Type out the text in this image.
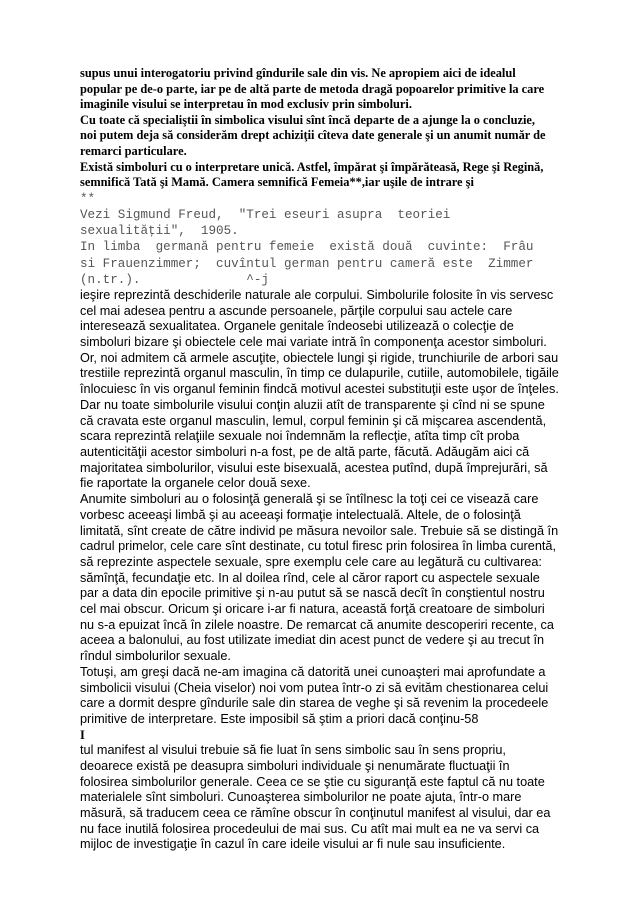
supus unui interogatoriu privind gîndurile sale din vis. Ne apropiem aici de idealul
popular pe de-o parte, iar pe de altă parte de metoda dragă popoarelor primitive la care
imaginile visului se interpretau în mod exclusiv prin simboluri.
Cu toate că specialiştii în simbolica visului sînt încă departe de a ajunge la o concluzie,
noi putem deja să considerăm drept achiziţii cîteva date generale şi un anumit număr de
remarci particulare.
Există simboluri cu o interpretare unică. Astfel, împărat şi împărăteasă, Rege şi Regină,
semnifică Tată şi Mamă. Camera semnifică Femeia**,iar uşile de intrare şi
**
Vezi Sigmund Freud,  "Trei eseuri asupra  teoriei
sexualităţii",  1905.
In limba  germană pentru femeie  există două  cuvinte:  Frâu
si Frauenzimmer;  cuvîntul german pentru cameră este  Zimmer
(n.tr.).              ^-j
ieşire reprezintă deschiderile naturale ale corpului. Simbolurile folosite în vis servesc
cel mai adesea pentru a ascunde persoanele, părţile corpului sau actele care
interesează sexualitatea. Organele genitale îndeosebi utilizează o colecţie de
simboluri bizare şi obiectele cele mai variate intră în componenţa acestor simboluri.
Or, noi admitem că armele ascuţite, obiectele lungi şi rigide, trunchiurile de arbori sau
trestiile reprezintă organul masculin, în timp ce dulapurile, cutiile, automobilele, tigăile
înlocuiesc în vis organul feminin findcă motivul acestei substituţii este uşor de înţeles.
Dar nu toate simbolurile visului conţin aluzii atît de transparente şi cînd ni se spune
că cravata este organul masculin, lemul, corpul feminin şi că mişcarea ascendentă,
scara reprezintă relaţiile sexuale noi îndemnăm la reflecţie, atîta timp cît proba
autenticităţii acestor simboluri n-a fost, pe de altă parte, făcută. Adăugăm aici că
majoritatea simbolurilor, visului este bisexuală, acestea putînd, după împrejurări, să
fie raportate la organele celor două sexe.
Anumite simboluri au o folosinţă generală şi se întîlnesc la toţi cei ce visează care
vorbesc aceeaşi limbă şi au aceeaşi formaţie intelectuală. Altele, de o folosinţă
limitată, sînt create de către individ pe măsura nevoilor sale. Trebuie să se distingă în
cadrul primelor, cele care sînt destinate, cu totul firesc prin folosirea în limba curentă,
să reprezinte aspectele sexuale, spre exemplu cele care au legătură cu cultivarea:
sămînţă, fecundaţie etc. In al doilea rînd, cele al căror raport cu aspectele sexuale
par a data din epocile primitive şi n-au putut să se nască decît în conştientul nostru
cel mai obscur. Oricum şi oricare i-ar fi natura, această forţă creatoare de simboluri
nu s-a epuizat încă în zilele noastre. De remarcat că anumite descoperiri recente, ca
aceea a balonului, au fost utilizate imediat din acest punct de vedere şi au trecut în
rîndul simbolurilor sexuale.
Totuşi, am greşi dacă ne-am imagina că datorită unei cunoaşteri mai aprofundate a
simbolicii visului (Cheia viselor) noi vom putea într-o zi să evităm chestionarea celui
care a dormit despre gîndurile sale din starea de veghe şi să revenim la procedeele
primitive de interpretare. Este imposibil să ştim a priori dacă conţinu-58
I
tul manifest al visului trebuie să fie luat în sens simbolic sau în sens propriu,
deoarece există pe deasupra simboluri individuale şi nenumărate fluctuaţii în
folosirea simbolurilor generale. Ceea ce se ştie cu siguranţă este faptul că nu toate
materialele sînt simboluri. Cunoaşterea simbolurilor ne poate ajuta, într-o mare
măsură, să traducem ceea ce rămîne obscur în conţinutul manifest al visului, dar ea
nu face inutilă folosirea procedeului de mai sus. Cu atît mai mult ea ne va servi ca
mijloc de investigaţie în cazul în care ideile visului ar fi nule sau insuficiente.
